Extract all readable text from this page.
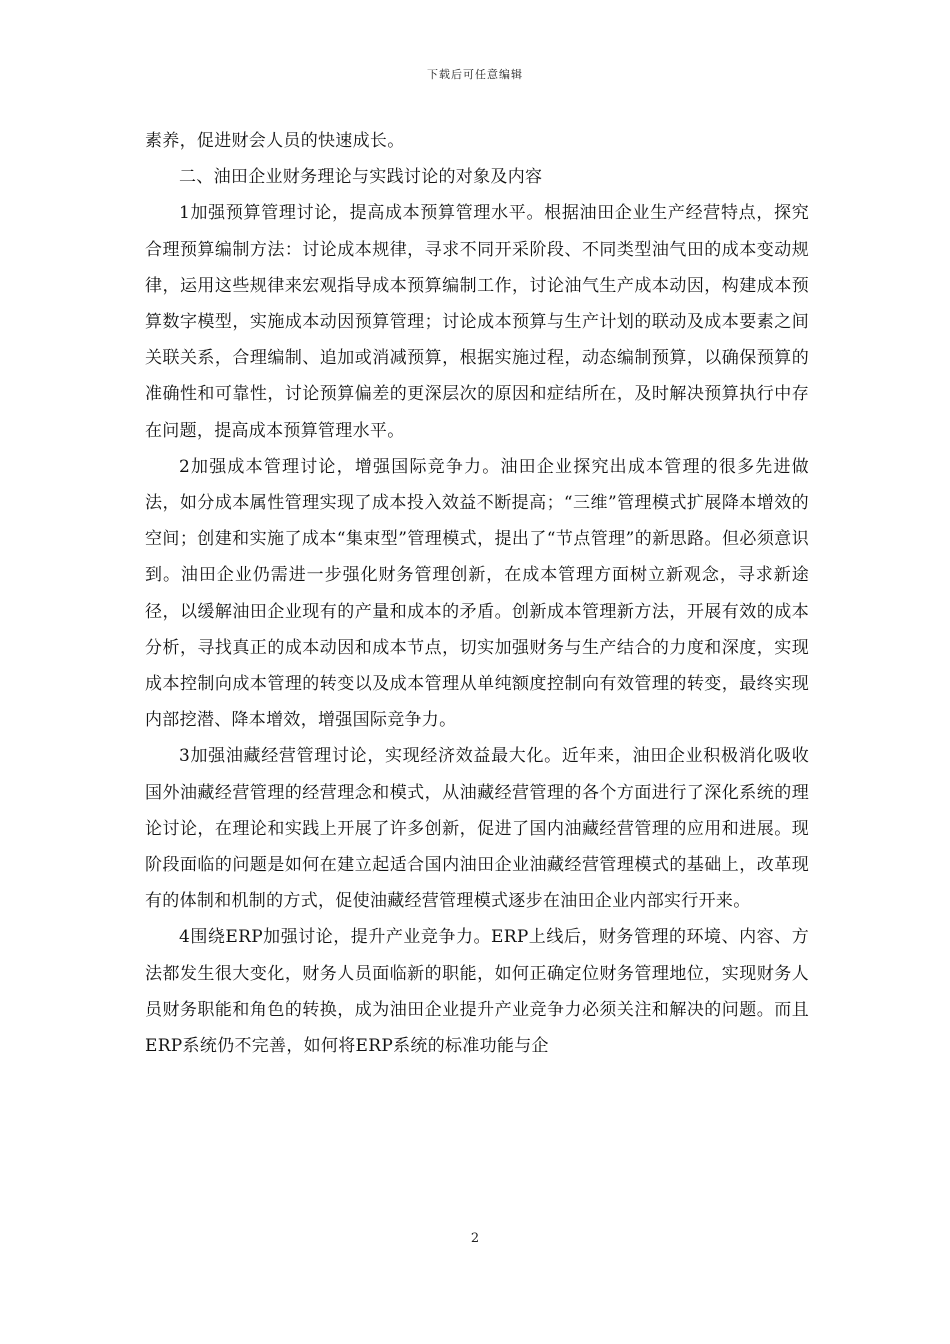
下载后可任意编辑

素养，促进财会人员的快速成长。

二、油田企业财务理论与实践讨论的对象及内容

1加强预算管理讨论，提高成本预算管理水平。根据油田企业生产经营特点，探究合理预算编制方法：讨论成本规律，寻求不同开采阶段、不同类型油气田的成本变动规律，运用这些规律来宏观指导成本预算编制工作，讨论油气生产成本动因，构建成本预算数字模型，实施成本动因预算管理；讨论成本预算与生产计划的联动及成本要素之间关联关系，合理编制、追加或消减预算，根据实施过程，动态编制预算，以确保预算的准确性和可靠性，讨论预算偏差的更深层次的原因和症结所在，及时解决预算执行中存在问题，提高成本预算管理水平。

2加强成本管理讨论，增强国际竞争力。油田企业探究出成本管理的很多先进做法，如分成本属性管理实现了成本投入效益不断提高；“三维”管理模式扩展降本增效的空间；创建和实施了成本“集束型”管理模式，提出了“节点管理”的新思路。但必须意识到。油田企业仍需进一步强化财务管理创新，在成本管理方面树立新观念，寻求新途径，以缓解油田企业现有的产量和成本的矛盾。创新成本管理新方法，开展有效的成本分析，寻找真正的成本动因和成本节点，切实加强财务与生产结合的力度和深度，实现成本控制向成本管理的转变以及成本管理从单纯额度控制向有效管理的转变，最终实现内部挖潜、降本增效，增强国际竞争力。

3加强油藏经营管理讨论，实现经济效益最大化。近年来，油田企业积极消化吸收国外油藏经营管理的经营理念和模式，从油藏经营管理的各个方面进行了深化系统的理论讨论，在理论和实践上开展了许多创新，促进了国内油藏经营管理的应用和进展。现阶段面临的问题是如何在建立起适合国内油田企业油藏经营管理模式的基础上，改革现有的体制和机制的方式，促使油藏经营管理模式逐步在油田企业内部实行开来。

4围绕ERP加强讨论，提升产业竞争力。ERP上线后，财务管理的环境、内容、方法都发生很大变化，财务人员面临新的职能，如何正确定位财务管理地位，实现财务人员财务职能和角色的转换，成为油田企业提升产业竞争力必须关注和解决的问题。而且ERP系统仍不完善，如何将ERP系统的标准功能与企

2
